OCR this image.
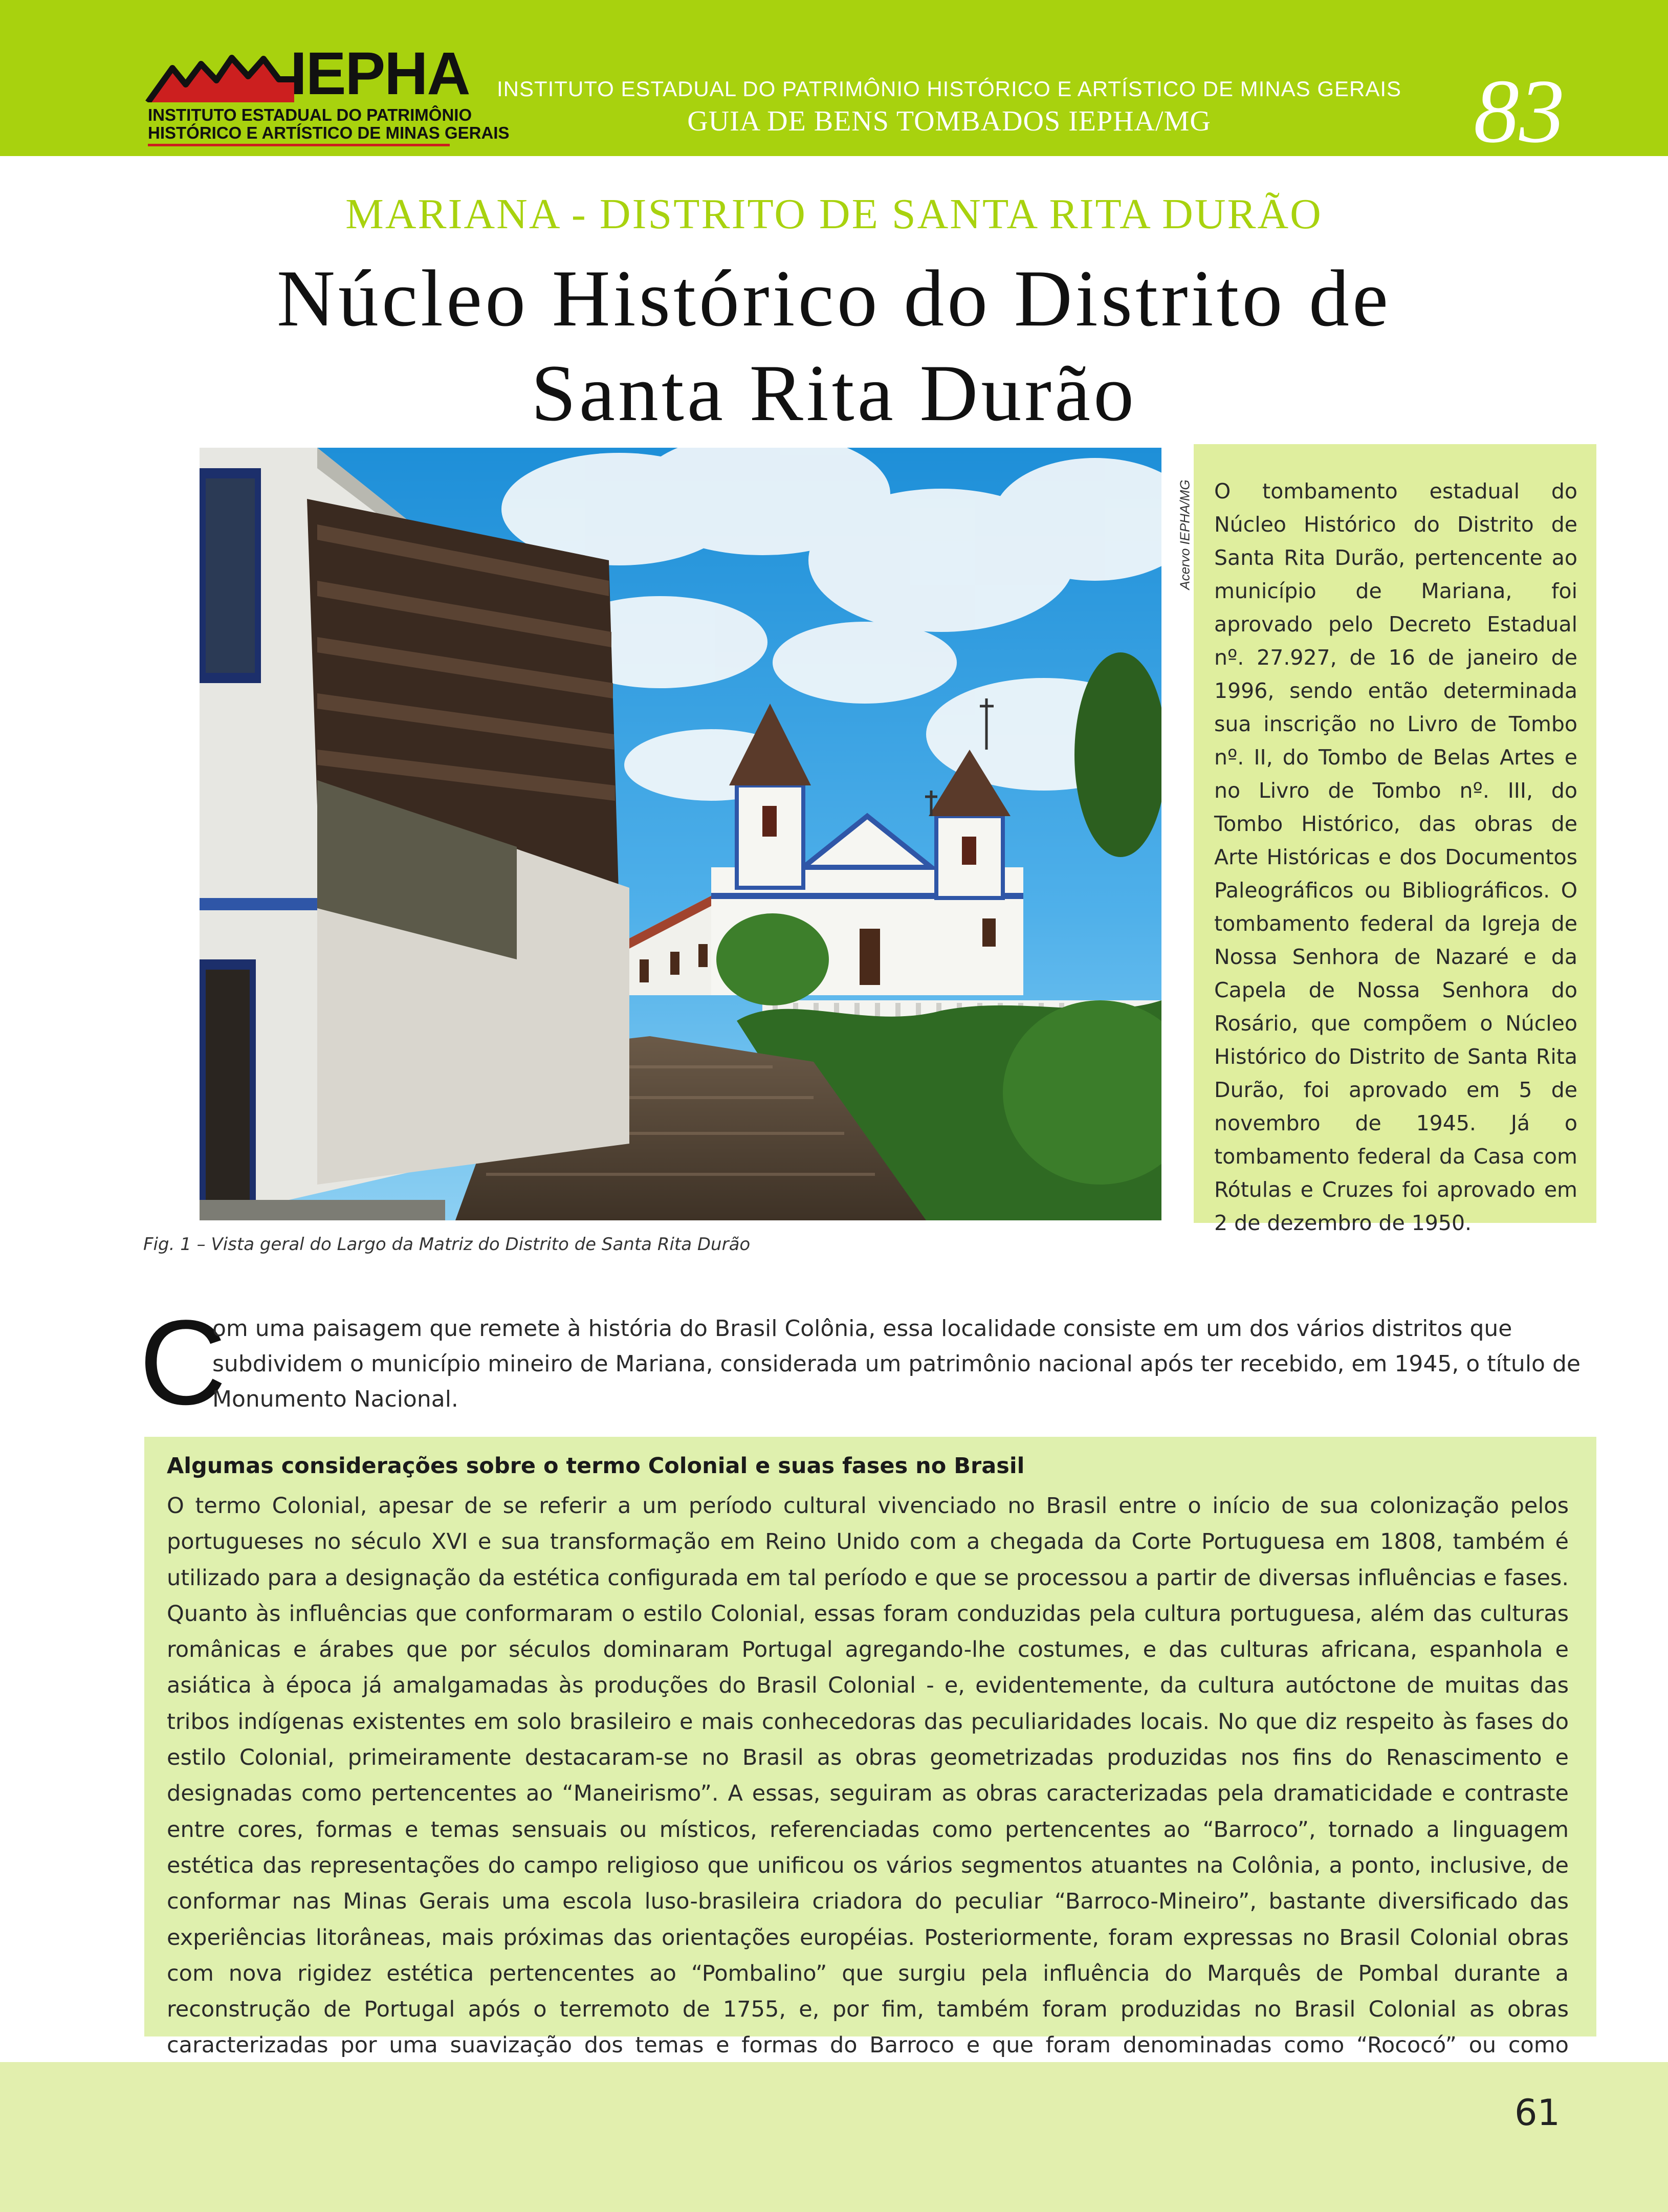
IEPHA
INSTITUTO ESTADUAL DO PATRIMÔNIO
HISTÓRICO E ARTÍSTICO DE MINAS GERAIS
INSTITUTO ESTADUAL DO PATRIMÔNIO HISTÓRICO E ARTÍSTICO DE MINAS GERAIS
GUIA DE BENS TOMBADOS IEPHA/MG	83
MARIANA - DISTRITO DE SANTA RITA DURÃO
Núcleo Histórico do Distrito de
Santa Rita Durão
Acervo IEPHA/MG O tombamento estadual do Núcleo Histórico do Distrito de Santa Rita Durão, pertencente ao município de Mariana, foi aprovado pelo Decreto Estadual nº. 27.927, de 16 de janeiro de 1996, sendo então determinada sua inscrição no Livro de Tombo nº. II, do Tombo de Belas Artes e no Livro de Tombo nº. III, do Tombo Histórico, das obras de Arte Históricas e dos Documentos Paleográficos ou Bibliográficos. O tombamento federal da Igreja de Nossa Senhora de Nazaré e da Capela de Nossa Senhora do Rosário, que compõem o Núcleo Histórico do Distrito de Santa Rita Durão, foi aprovado em 5 de novembro de 1945. Já o tombamento federal da Casa com Rótulas e Cruzes foi aprovado em 2 de dezembro de 1950.

Fig. 1 – Vista geral do Largo da Matriz do Distrito de Santa Rita Durão
C

om uma paisagem que remete à história do Brasil Colônia, essa localidade consiste em um dos vários distritos que subdividem o município mineiro de Mariana, considerada um patrimônio nacional após ter recebido, em 1945, o título de Monumento Nacional.

Algumas considerações sobre o termo Colonial e suas fases no Brasil

O termo Colonial, apesar de se referir a um período cultural vivenciado no Brasil entre o início de sua colonização pelos portugueses no século XVI e sua transformação em Reino Unido com a chegada da Corte Portuguesa em 1808, também é utilizado para a designação da estética configurada em tal período e que se processou a partir de diversas influências e fases. Quanto às influências que conformaram o estilo Colonial, essas foram conduzidas pela cultura portuguesa, além das culturas românicas e árabes que por séculos dominaram Portugal agregando-lhe costumes, e das culturas africana, espanhola e asiática à época já amalgamadas às produções do Brasil Colonial - e, evidentemente, da cultura autóctone de muitas das tribos indígenas existentes em solo brasileiro e mais conhecedoras das peculiaridades locais. No que diz respeito às fases do estilo Colonial, primeiramente destacaram-se no Brasil as obras geometrizadas produzidas nos fins do Renascimento e designadas como pertencentes ao “Maneirismo”. A essas, seguiram as obras caracterizadas pela dramaticidade e contraste entre cores, formas e temas sensuais ou místicos, referenciadas como pertencentes ao “Barroco”, tornado a linguagem estética das representações do campo religioso que unificou os vários segmentos atuantes na Colônia, a ponto, inclusive, de conformar nas Minas Gerais uma escola luso-brasileira criadora do peculiar “Barroco-Mineiro”, bastante diversificado das experiências litorâneas, mais próximas das orientações européias. Posteriormente, foram expressas no Brasil Colonial obras com nova rigidez estética pertencentes ao “Pombalino” que surgiu pela influência do Marquês de Pombal durante a reconstrução de Portugal após o terremoto de 1755, e, por fim, também foram produzidas no Brasil Colonial as obras caracterizadas por uma suavização dos temas e formas do Barroco e que foram denominadas como “Rococó” ou como

61
